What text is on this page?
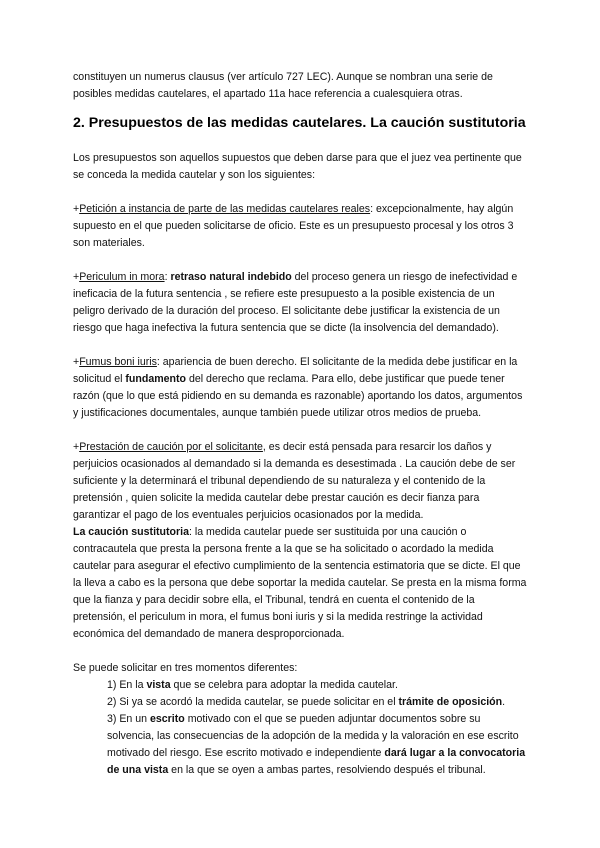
constituyen un numerus clausus (ver artículo 727 LEC). Aunque se nombran una serie de posibles medidas cautelares, el apartado 11a hace referencia a cualesquiera otras.

2. Presupuestos de las medidas cautelares. La caución sustitutoria

Los presupuestos son aquellos supuestos que deben darse para que el juez vea pertinente que se conceda la medida cautelar y son los siguientes:

+Petición a instancia de parte de las medidas cautelares reales: excepcionalmente, hay algún supuesto en el que pueden solicitarse de oficio. Este es un presupuesto procesal y los otros 3 son materiales.

+Periculum in mora: retraso natural indebido del proceso genera un riesgo de inefectividad e ineficacia de la futura sentencia , se refiere este presupuesto a la posible existencia de un peligro derivado de la duración del proceso. El solicitante debe justificar la existencia de un riesgo que haga inefectiva la futura sentencia que se dicte (la insolvencia del demandado).

+Fumus boni iuris: apariencia de buen derecho. El solicitante de la medida debe justificar en la solicitud el fundamento del derecho que reclama. Para ello, debe justificar que puede tener razón (que lo que está pidiendo en su demanda es razonable) aportando los datos, argumentos y justificaciones documentales, aunque también puede utilizar otros medios de prueba.

+Prestación de caución por el solicitante, es decir está pensada para resarcir los daños y perjuicios ocasionados al demandado si la demanda es desestimada . La caución debe de ser suficiente y la determinará el tribunal dependiendo de su naturaleza y el contenido de la pretensión , quien solicite la medida cautelar debe prestar caución es decir fianza para garantizar el pago de los eventuales perjuicios ocasionados por la medida.

La caución sustitutoria: la medida cautelar puede ser sustituida por una caución o contracautela que presta la persona frente a la que se ha solicitado o acordado la medida cautelar para asegurar el efectivo cumplimiento de la sentencia estimatoria que se dicte. El que la lleva a cabo es la persona que debe soportar la medida cautelar. Se presta en la misma forma que la fianza y para decidir sobre ella, el Tribunal, tendrá en cuenta el contenido de la pretensión, el periculum in mora, el fumus boni iuris y si la medida restringe la actividad económica del demandado de manera desproporcionada.

Se puede solicitar en tres momentos diferentes:

1) En la vista que se celebra para adoptar la medida cautelar.

2) Si ya se acordó la medida cautelar, se puede solicitar en el trámite de oposición.

3) En un escrito motivado con el que se pueden adjuntar documentos sobre su solvencia, las consecuencias de la adopción de la medida y la valoración en ese escrito motivado del riesgo. Ese escrito motivado e independiente dará lugar a la convocatoria de una vista en la que se oyen a ambas partes, resolviendo después el tribunal.
